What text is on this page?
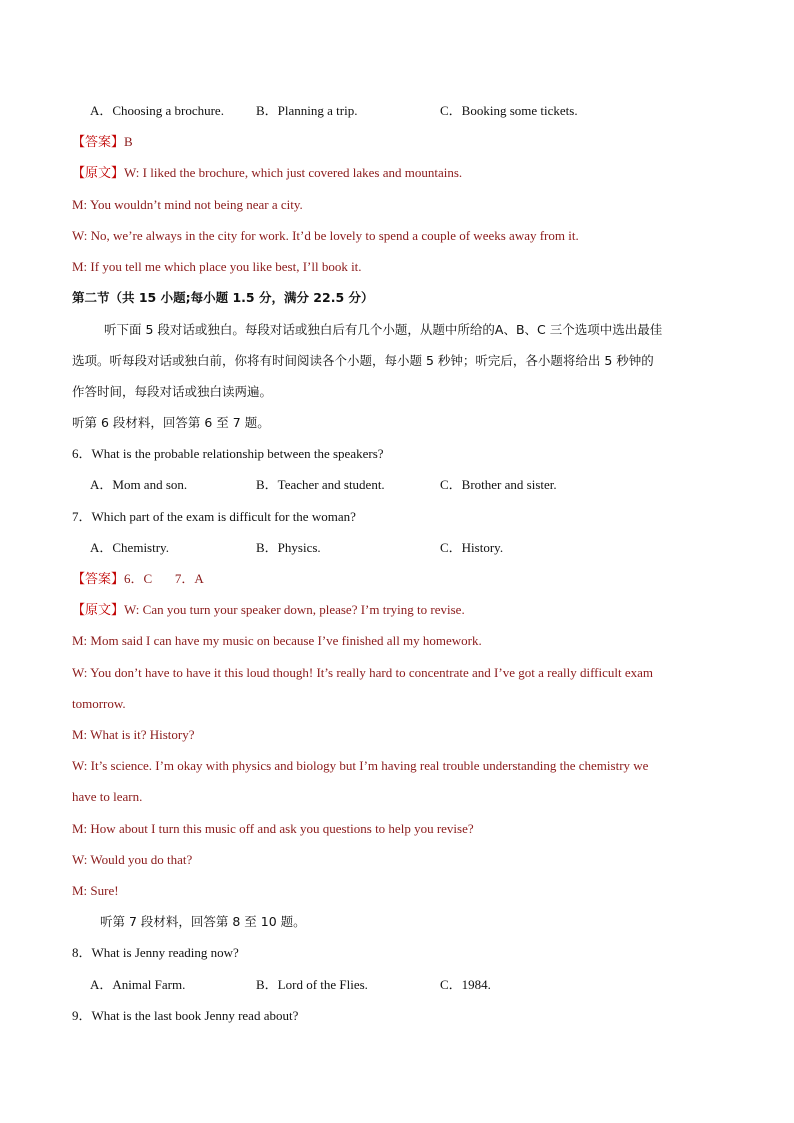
A．Choosing a brochure. B．Planning a trip.	C．Booking some tickets.
【答案】B
【原文】W: I liked the brochure, which just covered lakes and mountains.
M: You wouldn’t mind not being near a city.
W: No, we’re always in the city for work. It’d be lovely to spend a couple of weeks away from it.
M: If you tell me which place you like best, I’ll book it.
第二节（共 15 小题;每小题 1.5 分，满分 22.5 分）
听下面 5 段对话或独白。每段对话或独白后有几个小题，从题中所给的A、B、C 三个选项中选出最佳
选项。听每段对话或独白前，你将有时间阅读各个小题，每小题 5 秒钟；听完后，各小题将给出 5 秒钟的
作答时间，每段对话或独白读两遍。
听第 6 段材料，回答第 6 至 7 题。
6．What is the probable relationship between the speakers?
A．Mom and son.	B．Teacher and student.	C．Brother and sister.
7．Which part of the exam is difficult for the woman?
A．Chemistry.	B．Physics.	C．History.
【答案】6．C       7．A
【原文】W: Can you turn your speaker down, please? I’m trying to revise.
M: Mom said I can have my music on because I’ve finished all my homework.
W: You don’t have to have it this loud though! It’s really hard to concentrate and I’ve got a really difficult exam
tomorrow.
M: What is it? History?
W: It’s science. I’m okay with physics and biology but I’m having real trouble understanding the chemistry we
have to learn.
M: How about I turn this music off and ask you questions to help you revise?
W: Would you do that?
M: Sure!
听第 7 段材料，回答第 8 至 10 题。
8．What is Jenny reading now?
A．Animal Farm.	B．Lord of the Flies.	C．1984.
9．What is the last book Jenny read about?
